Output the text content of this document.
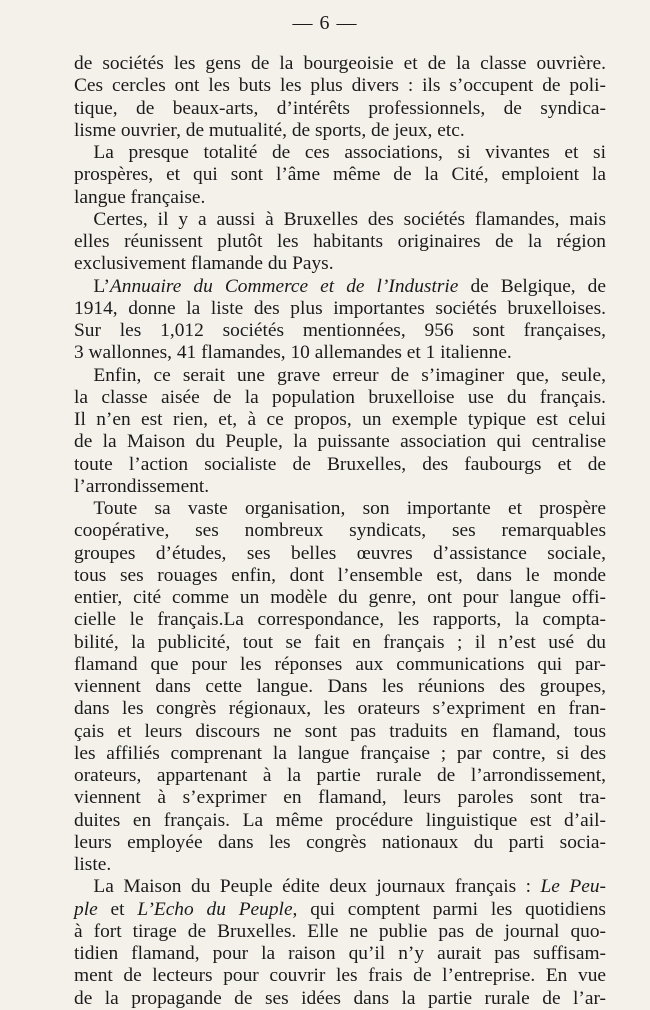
— 6 —
de sociétés les gens de la bourgeoisie et de la classe ouvrière.
Ces cercles ont les buts les plus divers : ils s’occupent de poli-
tique, de beaux-arts, d’intérêts professionnels, de syndica-
lisme ouvrier, de mutualité, de sports, de jeux, etc.
La presque totalité de ces associations, si vivantes et si
prospères, et qui sont l’âme même de la Cité, emploient la
langue française.
Certes, il y a aussi à Bruxelles des sociétés flamandes, mais
elles réunissent plutôt les habitants originaires de la région
exclusivement flamande du Pays.
L’Annuaire du Commerce et de l’Industrie de Belgique, de
1914, donne la liste des plus importantes sociétés bruxelloises.
Sur les 1,012 sociétés mentionnées, 956 sont françaises,
3 wallonnes, 41 flamandes, 10 allemandes et 1 italienne.
Enfin, ce serait une grave erreur de s’imaginer que, seule,
la classe aisée de la population bruxelloise use du français.
Il n’en est rien, et, à ce propos, un exemple typique est celui
de la Maison du Peuple, la puissante association qui centralise
toute l’action socialiste de Bruxelles, des faubourgs et de
l’arrondissement.
Toute sa vaste organisation, son importante et prospère
coopérative, ses nombreux syndicats, ses remarquables
groupes d’études, ses belles œuvres d’assistance sociale,
tous ses rouages enfin, dont l’ensemble est, dans le monde
entier, cité comme un modèle du genre, ont pour langue offi-
cielle le français.La correspondance, les rapports, la compta-
bilité, la publicité, tout se fait en français ; il n’est usé du
flamand que pour les réponses aux communications qui par-
viennent dans cette langue. Dans les réunions des groupes,
dans les congrès régionaux, les orateurs s’expriment en fran-
çais et leurs discours ne sont pas traduits en flamand, tous
les affiliés comprenant la langue française ; par contre, si des
orateurs, appartenant à la partie rurale de l’arrondissement,
viennent à s’exprimer en flamand, leurs paroles sont tra-
duites en français. La même procédure linguistique est d’ail-
leurs employée dans les congrès nationaux du parti socia-
liste.
La Maison du Peuple édite deux journaux français : Le Peu-
ple et L’Echo du Peuple, qui comptent parmi les quotidiens
à fort tirage de Bruxelles. Elle ne publie pas de journal quo-
tidien flamand, pour la raison qu’il n’y aurait pas suffisam-
ment de lecteurs pour couvrir les frais de l’entreprise. En vue
de la propagande de ses idées dans la partie rurale de l’ar-
